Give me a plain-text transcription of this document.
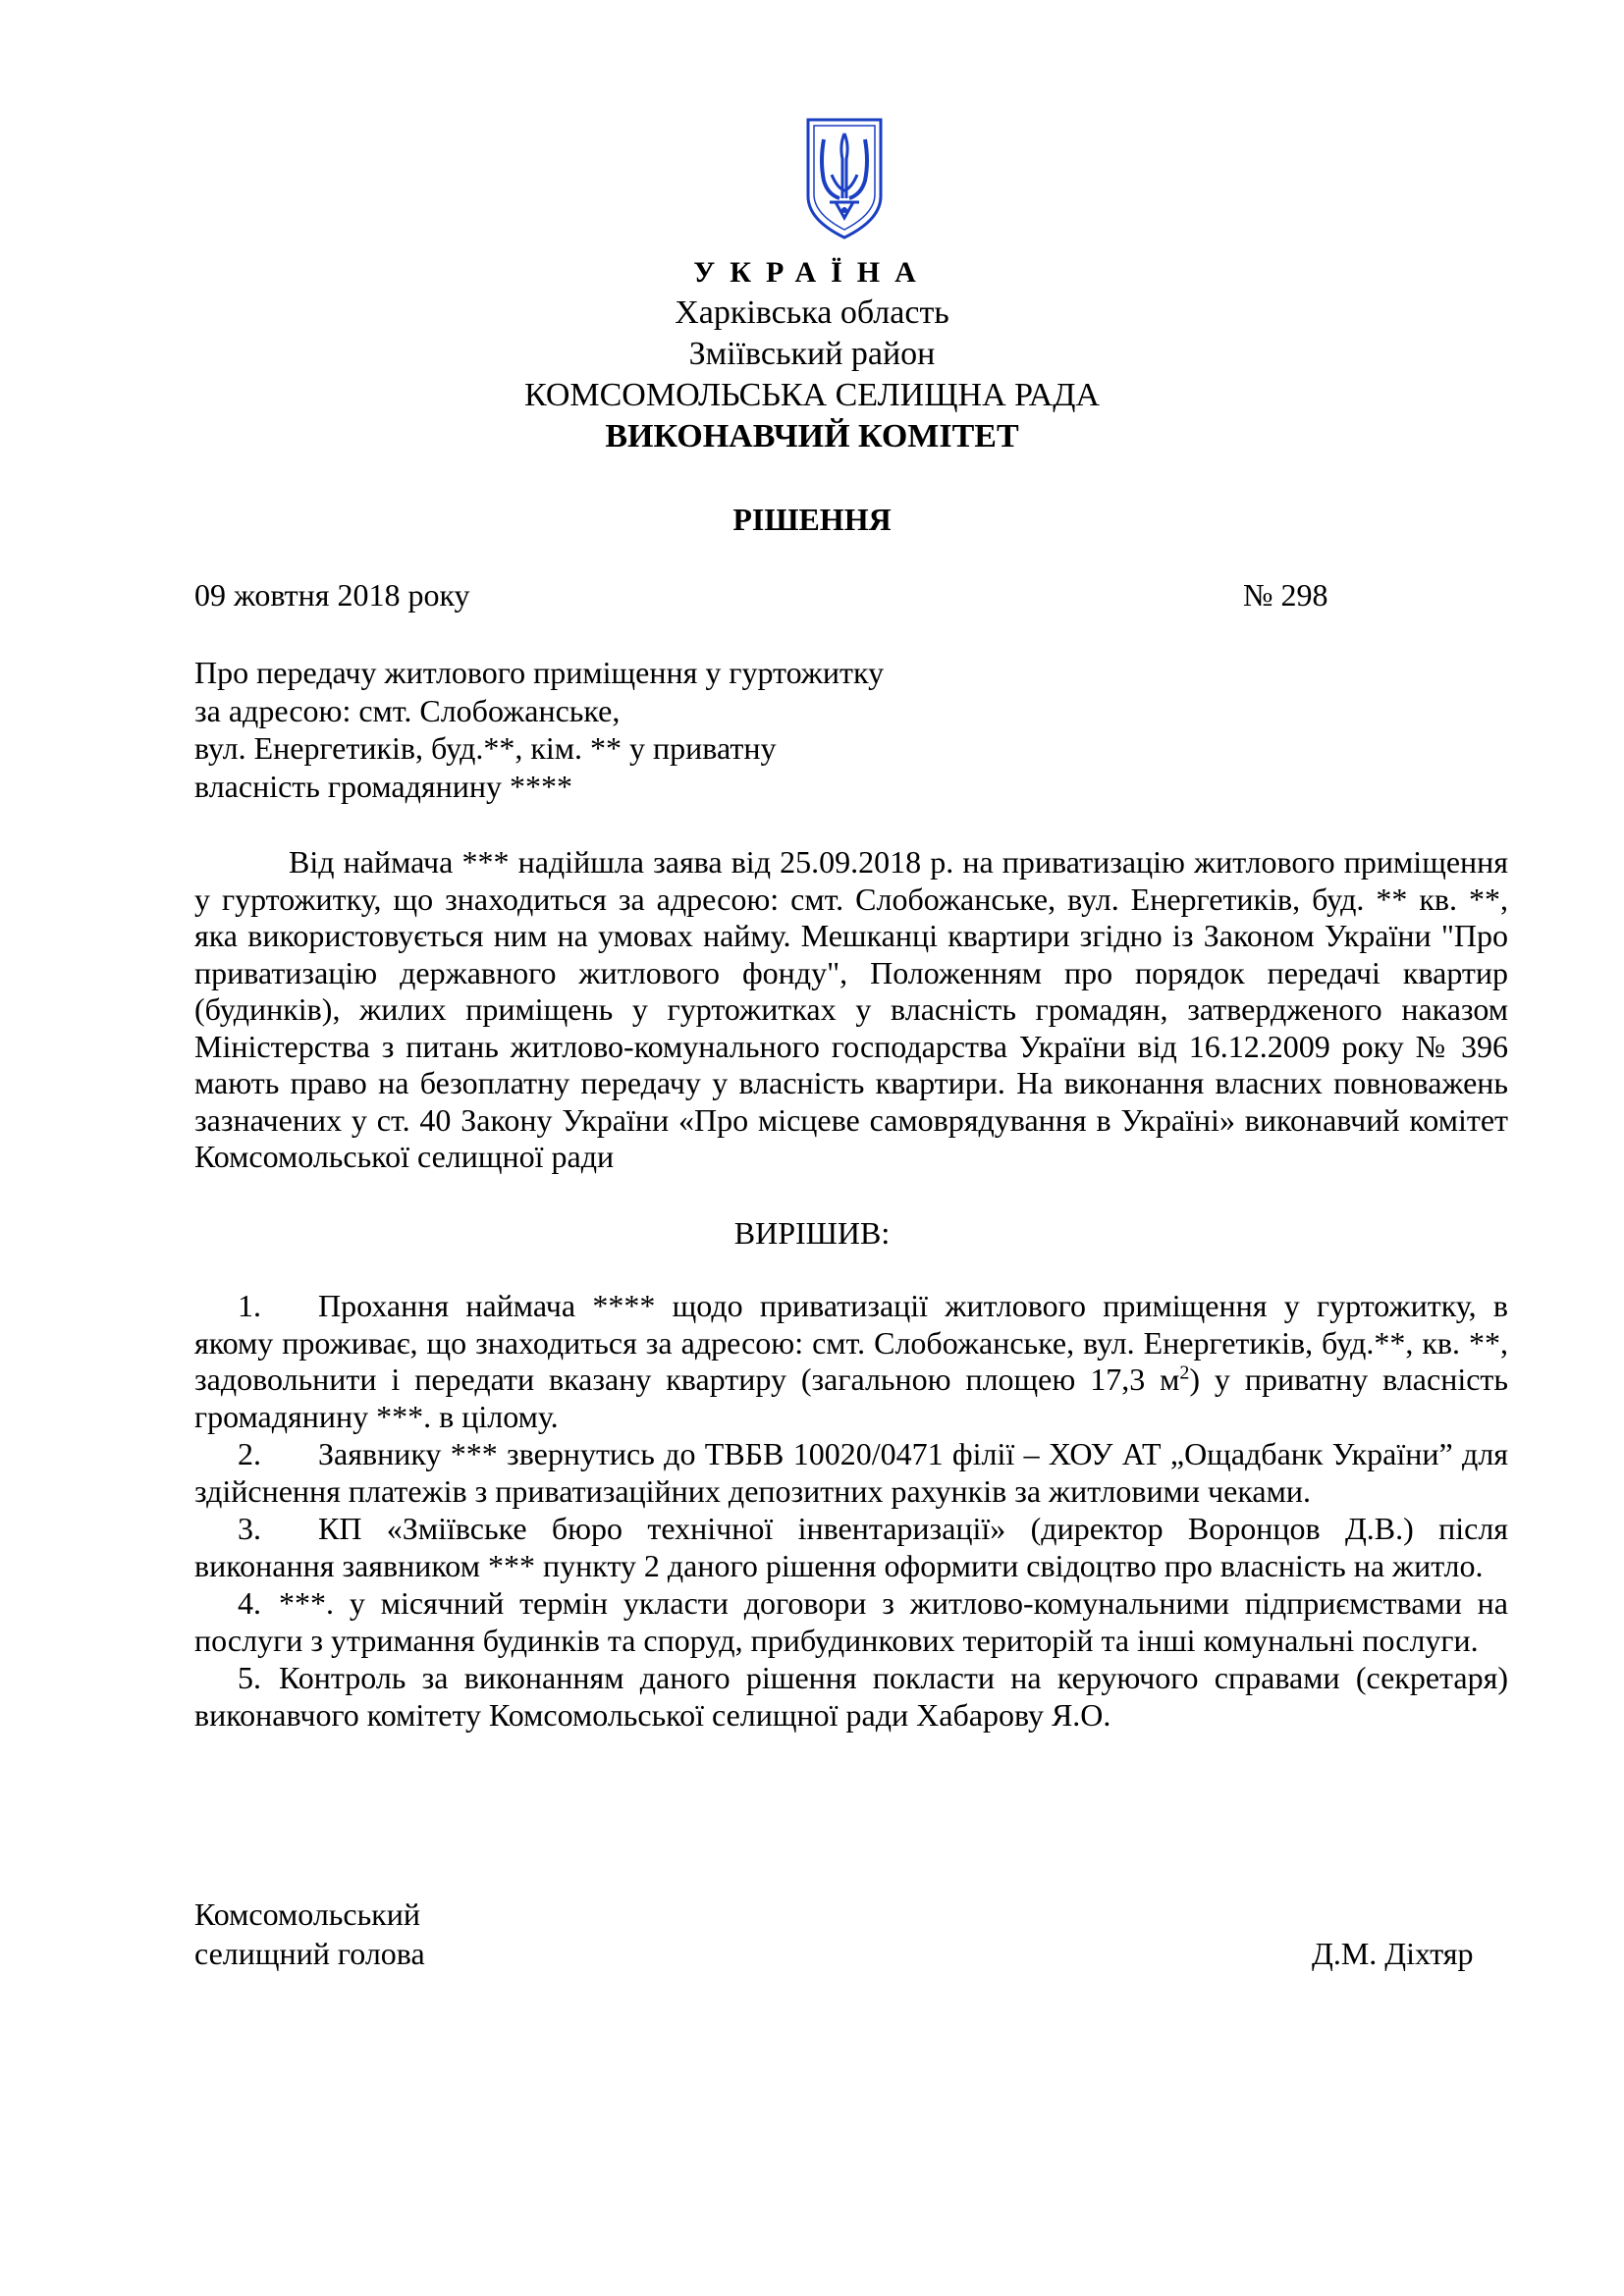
УКРАЇНА
Харківська область
Зміївський район
КОМСОМОЛЬСЬКА СЕЛИЩНА РАДА
ВИКОНАВЧИЙ КОМІТЕТ
РІШЕННЯ
09 жовтня 2018 року	№ 298
Про передачу житлового приміщення у гуртожитку
за адресою: смт. Слобожанське,
вул. Енергетиків, буд.**, кім. ** у приватну
власність громадянину ****
Від наймача *** надійшла заява від 25.09.2018 р. на приватизацію житлового приміщення у гуртожитку, що знаходиться за адресою: смт. Слобожанське, вул. Енергетиків, буд. ** кв. **, яка використовується ним на умовах найму. Мешканці квартири згідно із Законом України "Про приватизацію державного житлового фонду", Положенням про порядок передачі квартир (будинків), жилих приміщень у гуртожитках у власність громадян, затвердженого наказом Міністерства з питань житлово-комунального господарства України від 16.12.2009 року № 396 мають право на безоплатну передачу у власність квартири. На виконання власних повноважень зазначених у ст. 40 Закону України «Про місцеве самоврядування в Україні» виконавчий комітет Комсомольської селищної ради
ВИРІШИВ:
1. Прохання наймача **** щодо приватизації житлового приміщення у гуртожитку, в якому проживає, що знаходиться за адресою: смт. Слобожанське, вул. Енергетиків, буд.**, кв. **, задовольнити і передати вказану квартиру (загальною площею 17,3 $м^2$) у приватну власність громадянину ***. в цілому.
2. Заявнику *** звернутись до ТВБВ 10020/0471 філії – ХОУ АТ „Ощадбанк України” для здійснення платежів з приватизаційних депозитних рахунків за житловими чеками.
3. КП «Зміївське бюро технічної інвентаризації» (директор Воронцов Д.В.) після виконання заявником *** пункту 2 даного рішення оформити свідоцтво про власність на житло.
4. ***. у місячний термін укласти договори з житлово-комунальними підприємствами на послуги з утримання будинків та споруд, прибудинкових територій та інші комунальні послуги.
5. Контроль за виконанням даного рішення покласти на керуючого справами (секретаря) виконавчого комітету Комсомольської селищної ради Хабарову Я.О.
Комсомольський
селищний голова	Д.М. Діхтяр
